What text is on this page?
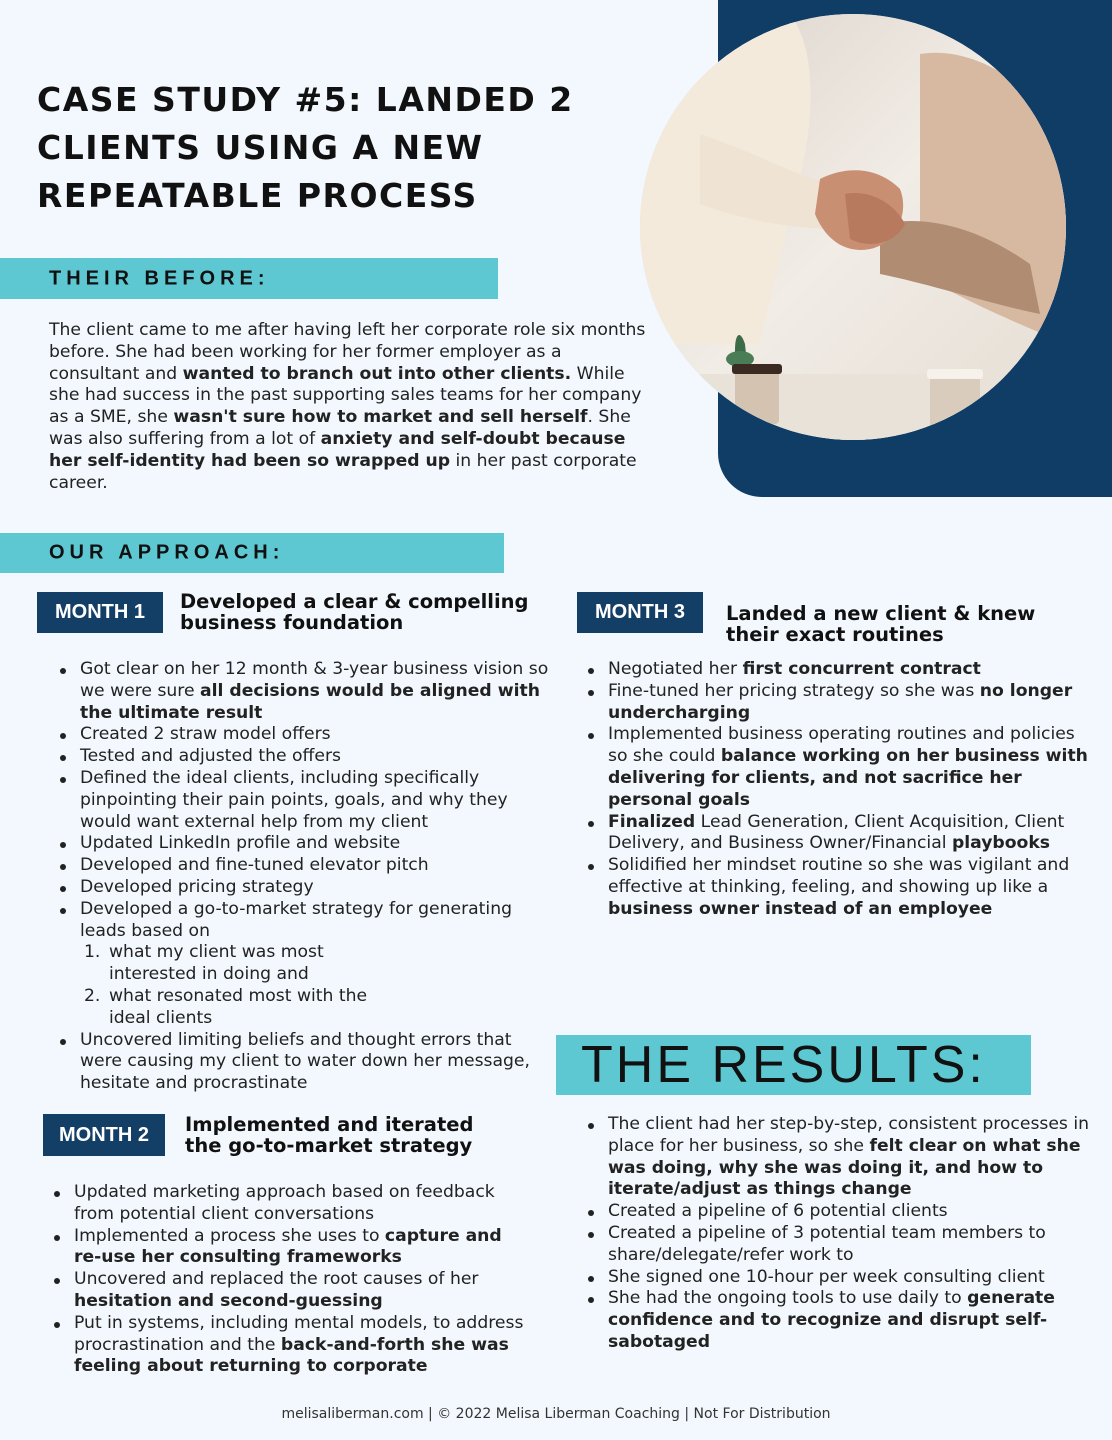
CASE STUDY #5: LANDED 2 CLIENTS USING A NEW REPEATABLE PROCESS
THEIR BEFORE:

The client came to me after having left her corporate role six months before. She had been working for her former employer as a consultant and wanted to branch out into other clients. While she had success in the past supporting sales teams for her company as a SME, she wasn't sure how to market and sell herself. She was also suffering from a lot of anxiety and self-doubt because her self-identity had been so wrapped up in her past corporate career.

OUR APPROACH:
MONTH 1	Developed a clear & compelling
business foundation
Got clear on her 12 month & 3-year business vision so we were sure all decisions would be aligned with the ultimate result
Created 2 straw model offers
Tested and adjusted the offers
Defined the ideal clients, including specifically pinpointing their pain points, goals, and why they would want external help from my client
Updated LinkedIn profile and website
Developed and fine-tuned elevator pitch
Developed pricing strategy
Developed a go-to-market strategy for generating leads based on
1. what my client was most interested in doing and
2. what resonated most with the ideal clients
Uncovered limiting beliefs and thought errors that were causing my client to water down her message, hesitate and procrastinate
MONTH 2	Implemented and iterated
the go-to-market strategy
Updated marketing approach based on feedback from potential client conversations
Implemented a process she uses to capture and re-use her consulting frameworks
Uncovered and replaced the root causes of her hesitation and second-guessing
Put in systems, including mental models, to address procrastination and the back-and-forth she was feeling about returning to corporate
MONTH 3	Landed a new client & knew
their exact routines
Negotiated her first concurrent contract
Fine-tuned her pricing strategy so she was no longer undercharging
Implemented business operating routines and policies so she could balance working on her business with delivering for clients, and not sacrifice her personal goals
Finalized Lead Generation, Client Acquisition, Client Delivery, and Business Owner/Financial playbooks
Solidified her mindset routine so she was vigilant and effective at thinking, feeling, and showing up like a business owner instead of an employee
THE RESULTS:
The client had her step-by-step, consistent processes in place for her business, so she felt clear on what she was doing, why she was doing it, and how to iterate/adjust as things change
Created a pipeline of 6 potential clients
Created a pipeline of 3 potential team members to share/delegate/refer work to
She signed one 10-hour per week consulting client
She had the ongoing tools to use daily to generate confidence and to recognize and disrupt self-sabotaged
melisaliberman.com | © 2022 Melisa Liberman Coaching | Not For Distribution
